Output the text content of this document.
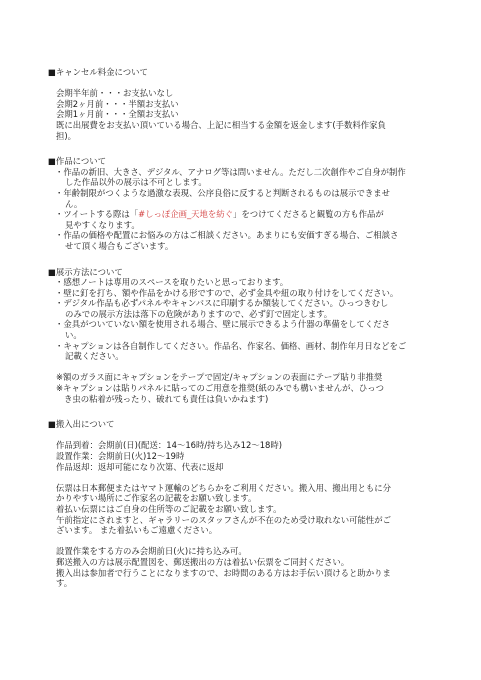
■キャンセル料金について
会期半年前・・・お支払いなし
会期2ヶ月前・・・半額お支払い
会期1ヶ月前・・・全額お支払い
既に出展費をお支払い頂いている場合、上記に相当する金額を返金します(手数料作家負
担)。
■作品について
・作品の新旧、大きさ、デジタル、アナログ等は問いません。ただし二次創作やご自身が制作
した作品以外の展示は不可とします。
・年齢制限がつくような過激な表現、公序良俗に反すると判断されるものは展示できませ
ん。
・ツイートする際は「#しっぽ企画_天地を紡ぐ」をつけてくださると観覧の方も作品が
見やすくなります。
・作品の価格や配置にお悩みの方はご相談ください。あまりにも安価すぎる場合、ご相談さ
せて頂く場合もございます。
■展示方法について
・感想ノートは専用のスペースを取りたいと思っております。
・壁に釘を打ち、額や作品をかける形ですので、必ず金具や紐の取り付けをしてください。
・デジタル作品も必ずパネルやキャンバスに印刷するか額装してください。ひっつきむし
のみでの展示方法は落下の危険がありますので、必ず釘で固定します。
・金具がついていない額を使用される場合、壁に展示できるよう什器の準備をしてくださ
い。
・キャプションは各自制作してください。作品名、作家名、価格、画材、制作年月日などをご
記載ください。
※額のガラス面にキャプションをテープで固定/キャプションの表面にテープ貼り非推奨
※キャプションは貼りパネルに貼ってのご用意を推奨(紙のみでも構いませんが、ひっつ
き虫の粘着が残ったり、破れても責任は負いかねます)
■搬入出について
作品到着：会期前(日)(配送：14〜16時/持ち込み12〜18時)
設置作業：会期前日(火)12〜19時
作品返却：返却可能になり次第、代表に返却
伝票は日本郵便またはヤマト運輸のどちらかをご利用ください。搬入用、搬出用ともに分
かりやすい場所にご作家名の記載をお願い致します。
着払い伝票にはご自身の住所等のご記載をお願い致します。
午前指定にされますと、ギャラリーのスタッフさんが不在のため受け取れない可能性がご
ざいます。 また着払いもご遠慮ください。
設置作業をする方のみ会期前日(火)に持ち込み可。
郵送搬入の方は展示配置図を、郵送搬出の方は着払い伝票をご同封ください。
搬入出は参加者で行うことになりますので、お時間のある方はお手伝い頂けると助かりま
す。
